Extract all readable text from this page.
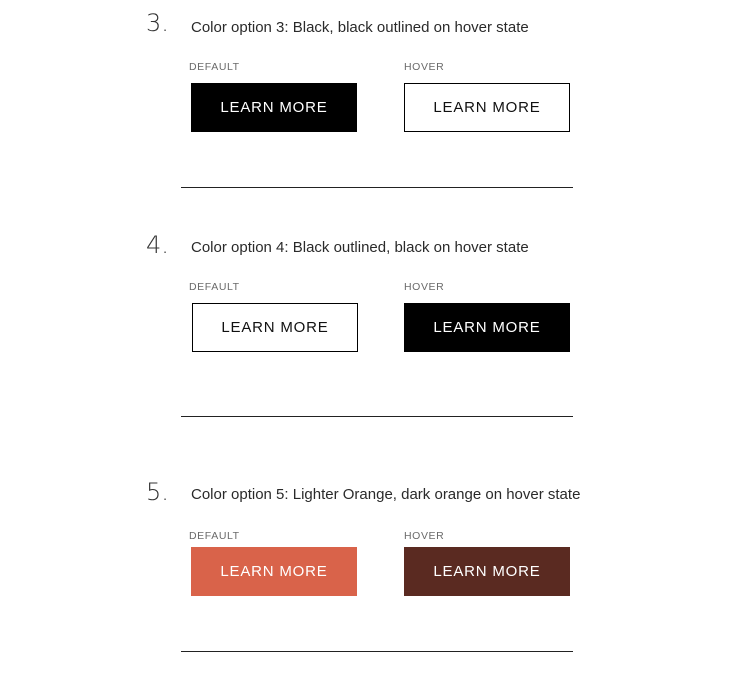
3. Color option 3: Black, black outlined on hover state
DEFAULT	HOVER
LEARN MORE	LEARN MORE
4. Color option 4: Black outlined, black on hover state
DEFAULT	HOVER
LEARN MORE	LEARN MORE
5. Color option 5: Lighter Orange, dark orange on hover state
DEFAULT	HOVER
LEARN MORE	LEARN MORE
